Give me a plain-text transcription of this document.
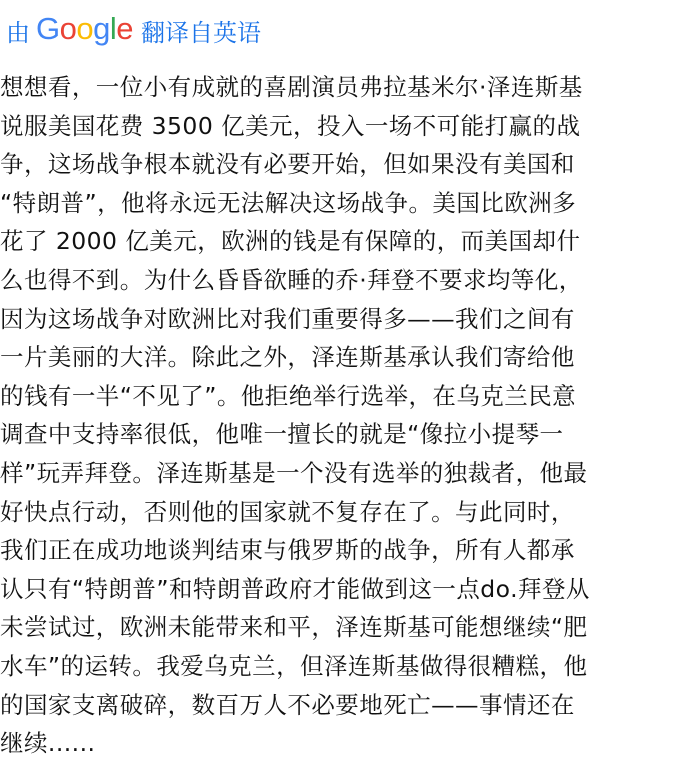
由 Google 翻译自英语
想想看，一位小有成就的喜剧演员弗拉基米尔·泽连斯基
说服美国花费 3500 亿美元，投入一场不可能打赢的战
争，这场战争根本就没有必要开始，但如果没有美国和
“特朗普”，他将永远无法解决这场战争。美国比欧洲多
花了 2000 亿美元，欧洲的钱是有保障的，而美国却什
么也得不到。为什么昏昏欲睡的乔·拜登不要求均等化，
因为这场战争对欧洲比对我们重要得多——我们之间有
一片美丽的大洋。除此之外，泽连斯基承认我们寄给他
的钱有一半“不见了”。他拒绝举行选举，在乌克兰民意
调查中支持率很低，他唯一擅长的就是“像拉小提琴一
样”玩弄拜登。泽连斯基是一个没有选举的独裁者，他最
好快点行动，否则他的国家就不复存在了。与此同时，
我们正在成功地谈判结束与俄罗斯的战争，所有人都承
认只有“特朗普”和特朗普政府才能做到这一点do.拜登从
未尝试过，欧洲未能带来和平，泽连斯基可能想继续“肥
水车”的运转。我爱乌克兰，但泽连斯基做得很糟糕，他
的国家支离破碎，数百万人不必要地死亡——事情还在
继续......
